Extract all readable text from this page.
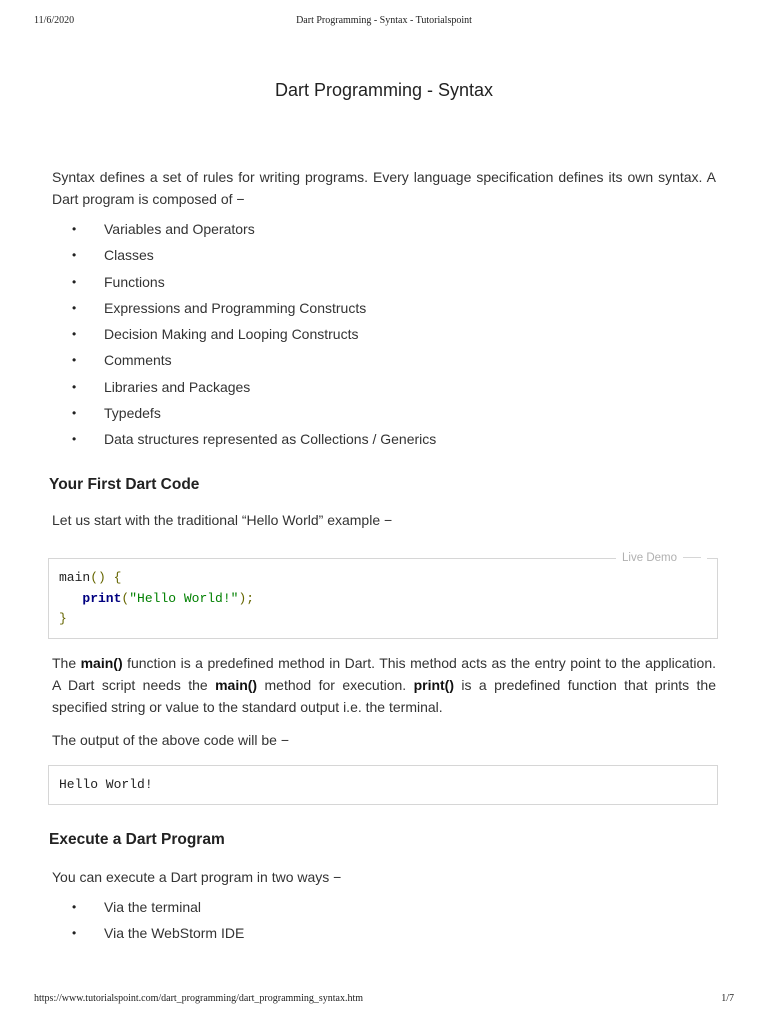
11/6/2020	Dart Programming - Syntax - Tutorialspoint
Dart Programming - Syntax

Syntax defines a set of rules for writing programs. Every language specification defines its own syntax. A Dart program is composed of −

• Variables and Operators
• Classes
• Functions
• Expressions and Programming Constructs
• Decision Making and Looping Constructs
• Comments
• Libraries and Packages
• Typedefs
• Data structures represented as Collections / Generics
Your First Dart Code

Let us start with the traditional “Hello World” example −

Live Demo
main() {
print("Hello World!");
}

The main() function is a predefined method in Dart. This method acts as the entry point to the application. A Dart script needs the main() method for execution. print() is a predefined function that prints the specified string or value to the standard output i.e. the terminal.

The output of the above code will be −

Hello World!
Execute a Dart Program

You can execute a Dart program in two ways −

• Via the terminal
• Via the WebStorm IDE
https://www.tutorialspoint.com/dart_programming/dart_programming_syntax.htm	1/7
